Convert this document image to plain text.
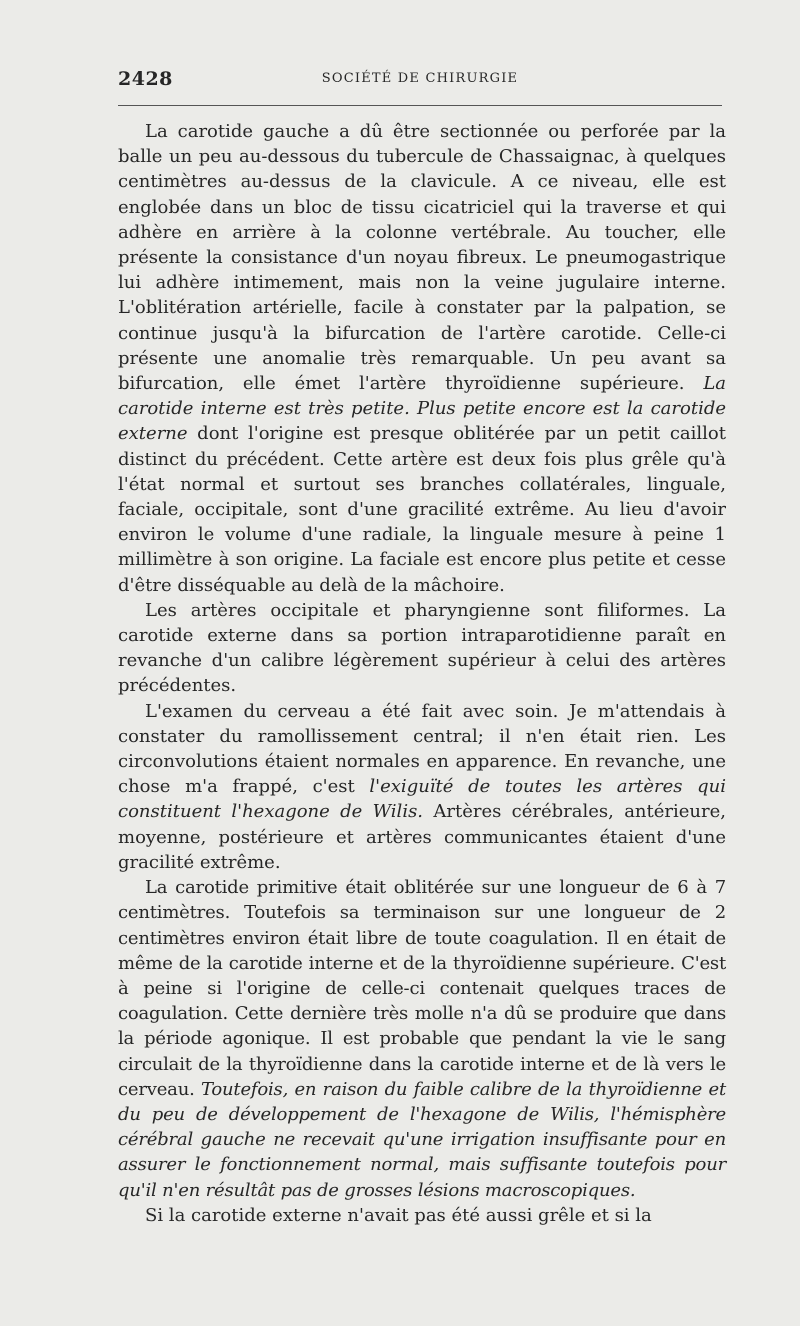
2428	SOCIÉTÉ DE CHIRURGIE

La carotide gauche a dû être sectionnée ou perforée par la balle un peu au-dessous du tubercule de Chassaignac, à quelques centimètres au-dessus de la clavicule. A ce niveau, elle est englobée dans un bloc de tissu cicatriciel qui la traverse et qui adhère en arrière à la colonne vertébrale. Au toucher, elle présente la consistance d'un noyau fibreux. Le pneumogastrique lui adhère intimement, mais non la veine jugulaire interne. L'oblitération artérielle, facile à constater par la palpation, se continue jusqu'à la bifurcation de l'artère carotide. Celle-ci présente une anomalie très remarquable. Un peu avant sa bifurcation, elle émet l'artère thyroïdienne supérieure. La carotide interne est très petite. Plus petite encore est la carotide externe dont l'origine est presque oblitérée par un petit caillot distinct du précédent. Cette artère est deux fois plus grêle qu'à l'état normal et surtout ses branches collatérales, linguale, faciale, occipitale, sont d'une gracilité extrême. Au lieu d'avoir environ le volume d'une radiale, la linguale mesure à peine 1 millimètre à son origine. La faciale est encore plus petite et cesse d'être disséquable au delà de la mâchoire.

Les artères occipitale et pharyngienne sont filiformes. La carotide externe dans sa portion intraparotidienne paraît en revanche d'un calibre légèrement supérieur à celui des artères précédentes.

L'examen du cerveau a été fait avec soin. Je m'attendais à constater du ramollissement central; il n'en était rien. Les circonvolutions étaient normales en apparence. En revanche, une chose m'a frappé, c'est l'exiguïté de toutes les artères qui constituent l'hexagone de Wilis. Artères cérébrales, antérieure, moyenne, postérieure et artères communicantes étaient d'une gracilité extrême.

La carotide primitive était oblitérée sur une longueur de 6 à 7 centimètres. Toutefois sa terminaison sur une longueur de 2 centimètres environ était libre de toute coagulation. Il en était de même de la carotide interne et de la thyroïdienne supérieure. C'est à peine si l'origine de celle-ci contenait quelques traces de coagulation. Cette dernière très molle n'a dû se produire que dans la période agonique. Il est probable que pendant la vie le sang circulait de la thyroïdienne dans la carotide interne et de là vers le cerveau. Toutefois, en raison du faible calibre de la thyroïdienne et du peu de développement de l'hexagone de Wilis, l'hémisphère cérébral gauche ne recevait qu'une irrigation insuffisante pour en assurer le fonctionnement normal, mais suffisante toutefois pour qu'il n'en résultât pas de grosses lésions macroscopiques.

Si la carotide externe n'avait pas été aussi grêle et si la
